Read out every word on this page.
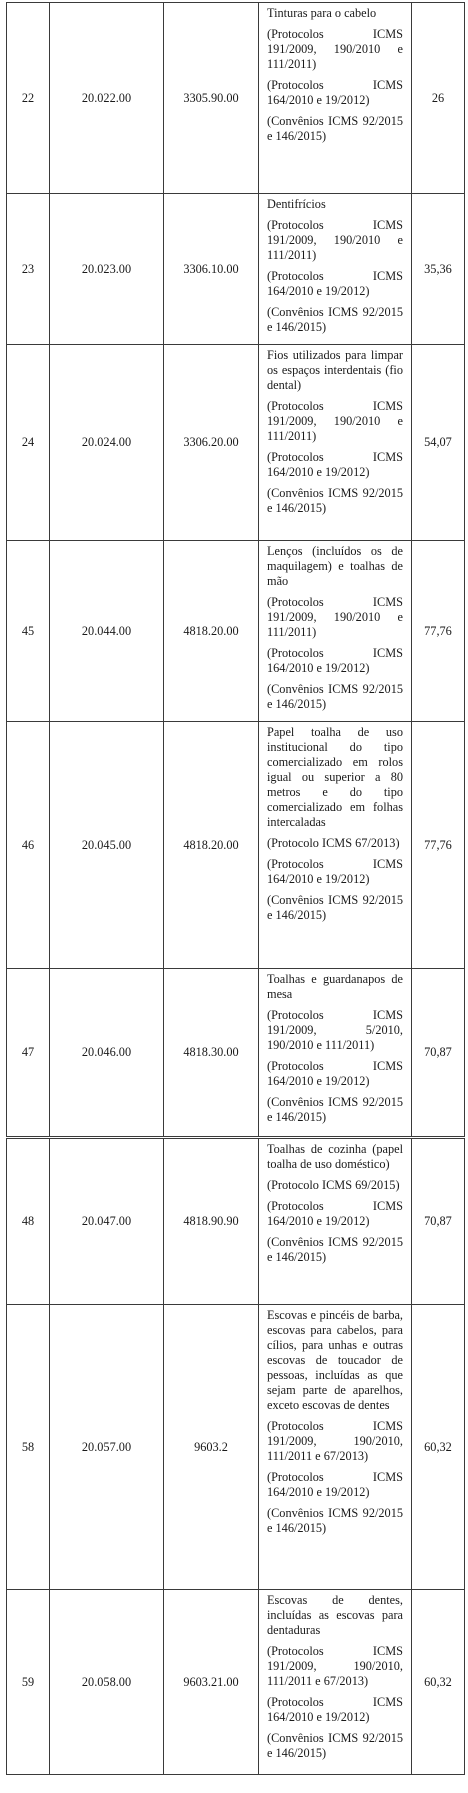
22	20.022.00	3305.90.00	Tinturas para o cabelo
(Protocolos ICMS 191/2009, 190/2010 e 111/2011)
(Protocolos ICMS 164/2010 e 19/2012)
(Convênios ICMS 92/2015 e 146/2015)	26
23	20.023.00	3306.10.00	Dentifrícios
(Protocolos ICMS 191/2009, 190/2010 e 111/2011)
(Protocolos ICMS 164/2010 e 19/2012)
(Convênios ICMS 92/2015 e 146/2015)	35,36
24	20.024.00	3306.20.00	Fios utilizados para limpar os espaços interdentais (fio dental)
(Protocolos ICMS 191/2009, 190/2010 e 111/2011)
(Protocolos ICMS 164/2010 e 19/2012)
(Convênios ICMS 92/2015 e 146/2015)	54,07
45	20.044.00	4818.20.00	Lenços (incluídos os de maquilagem) e toalhas de mão
(Protocolos ICMS 191/2009, 190/2010 e 111/2011)
(Protocolos ICMS 164/2010 e 19/2012)
(Convênios ICMS 92/2015 e 146/2015)	77,76
46	20.045.00	4818.20.00	Papel toalha de uso institucional do tipo comercializado em rolos igual ou superior a 80 metros e do tipo comercializado em folhas intercaladas
(Protocolo ICMS 67/2013)
(Protocolos ICMS 164/2010 e 19/2012)
(Convênios ICMS 92/2015 e 146/2015)	77,76
47	20.046.00	4818.30.00	Toalhas e guardanapos de mesa
(Protocolos ICMS 191/2009, 5/2010, 190/2010 e 111/2011)
(Protocolos ICMS 164/2010 e 19/2012)
(Convênios ICMS 92/2015 e 146/2015)	70,87
48	20.047.00	4818.90.90	Toalhas de cozinha (papel toalha de uso doméstico)
(Protocolo ICMS 69/2015)
(Protocolos ICMS 164/2010 e 19/2012)
(Convênios ICMS 92/2015 e 146/2015)	70,87
58	20.057.00	9603.2	Escovas e pincéis de barba, escovas para cabelos, para cílios, para unhas e outras escovas de toucador de pessoas, incluídas as que sejam parte de aparelhos, exceto escovas de dentes
(Protocolos ICMS 191/2009, 190/2010, 111/2011 e 67/2013)
(Protocolos ICMS 164/2010 e 19/2012)
(Convênios ICMS 92/2015 e 146/2015)	60,32
59	20.058.00	9603.21.00	Escovas de dentes, incluídas as escovas para dentaduras
(Protocolos ICMS 191/2009, 190/2010, 111/2011 e 67/2013)
(Protocolos ICMS 164/2010 e 19/2012)
(Convênios ICMS 92/2015 e 146/2015)	60,32
